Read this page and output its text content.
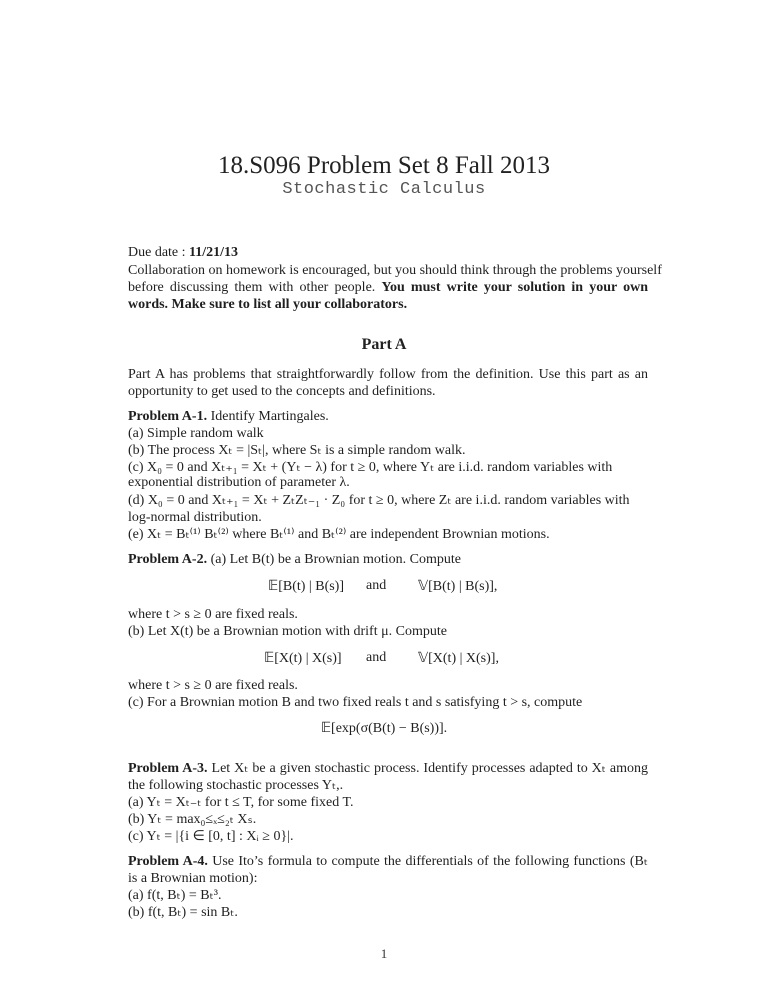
18.S096 Problem Set 8 Fall 2013
Stochastic Calculus
Due date : 11/21/13
Collaboration on homework is encouraged, but you should think through the problems yourself
before discussing them with other people. You must write your solution in your own
words. Make sure to list all your collaborators.
Part A
Part A has problems that straightforwardly follow from the definition. Use this part as an
opportunity to get used to the concepts and definitions.
Problem A-1. Identify Martingales.
(a) Simple random walk
(b) The process Xₜ = |Sₜ|, where Sₜ is a simple random walk.
(c) X₀ = 0 and Xₜ₊₁ = Xₜ + (Yₜ − λ) for t ≥ 0, where Yₜ are i.i.d. random variables with
exponential distribution of parameter λ.
(d) X₀ = 0 and Xₜ₊₁ = Xₜ + ZₜZₜ₋₁ · Z₀ for t ≥ 0, where Zₜ are i.i.d. random variables with
log-normal distribution.
(e) Xₜ = Bₜ⁽¹⁾ Bₜ⁽²⁾ where Bₜ⁽¹⁾ and Bₜ⁽²⁾ are independent Brownian motions.
Problem A-2. (a) Let B(t) be a Brownian motion. Compute
𝔼[B(t) | B(s)] and 𝕍[B(t) | B(s)],
where t > s ≥ 0 are fixed reals.
(b) Let X(t) be a Brownian motion with drift μ. Compute
𝔼[X(t) | X(s)] and 𝕍[X(t) | X(s)],
where t > s ≥ 0 are fixed reals.
(c) For a Brownian motion B and two fixed reals t and s satisfying t > s, compute
𝔼[exp(σ(B(t) − B(s))].
Problem A-3. Let Xₜ be a given stochastic process. Identify processes adapted to Xₜ among
the following stochastic processes Yₜ,.
(a) Yₜ = Xₜ₋ₜ for t ≤ T, for some fixed T.
(b) Yₜ = max₀≤ₓ≤₂ₜ Xₛ.
(c) Yₜ = |{i ∈ [0, t] : Xᵢ ≥ 0}|.
Problem A-4. Use Ito’s formula to compute the differentials of the following functions (Bₜ
is a Brownian motion):
(a) f(t, Bₜ) = Bₜ³.
(b) f(t, Bₜ) = sin Bₜ.
1
